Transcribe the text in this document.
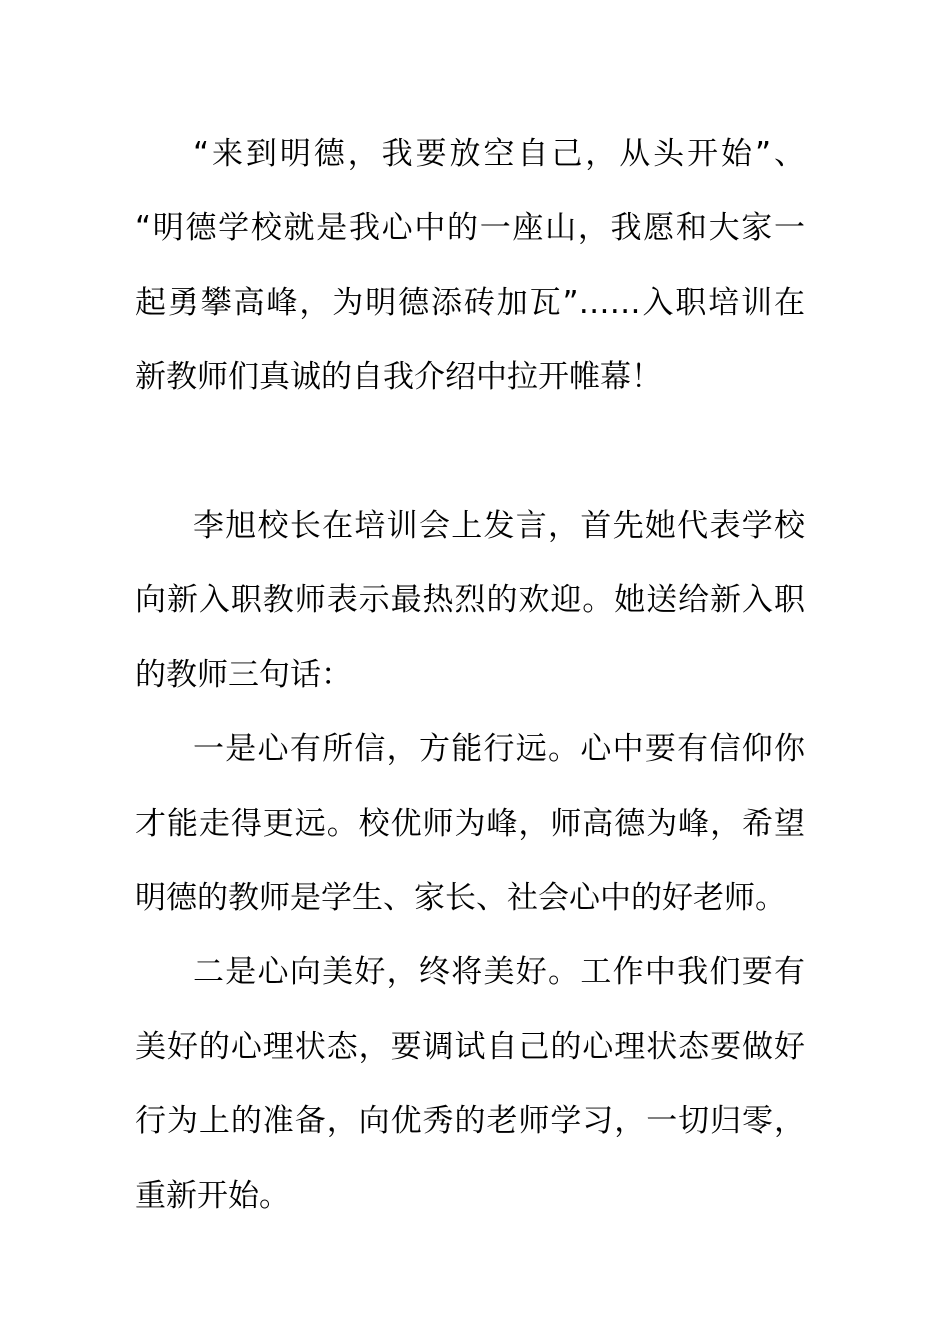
“来到明德，我要放空自己，从头开始”、
“明德学校就是我心中的一座山，我愿和大家一
起勇攀高峰，为明德添砖加瓦”……入职培训在
新教师们真诚的自我介绍中拉开帷幕！
李旭校长在培训会上发言，首先她代表学校
向新入职教师表示最热烈的欢迎。她送给新入职
的教师三句话：
一是心有所信，方能行远。心中要有信仰你
才能走得更远。校优师为峰，师高德为峰，希望
明德的教师是学生、家长、社会心中的好老师。
二是心向美好，终将美好。工作中我们要有
美好的心理状态，要调试自己的心理状态要做好
行为上的准备，向优秀的老师学习，一切归零，
重新开始。
